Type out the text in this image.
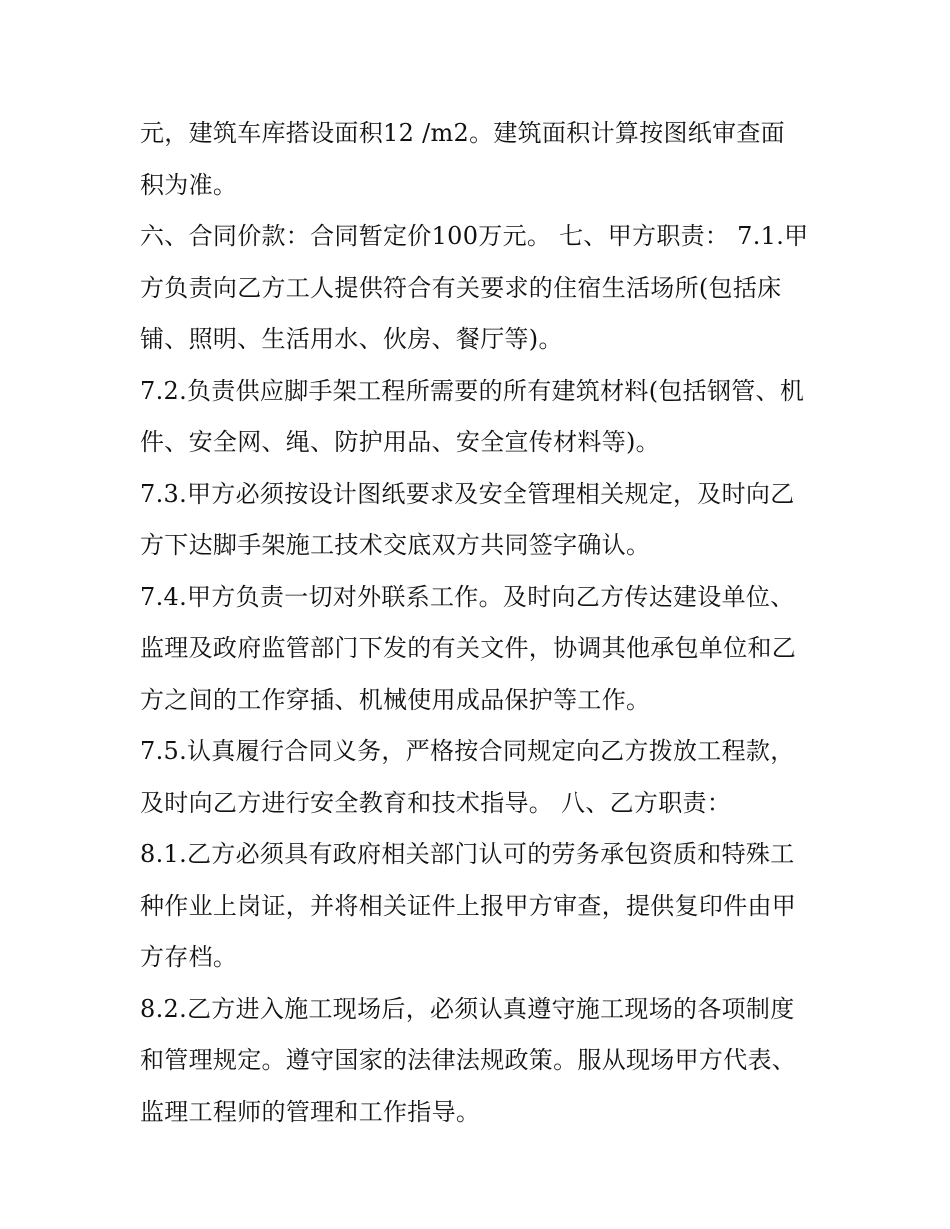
元，建筑车库搭设面积12 /m2。建筑面积计算按图纸审查面
积为准。
六、合同价款：合同暂定价100万元。 七、甲方职责： 7.1.甲
方负责向乙方工人提供符合有关要求的住宿生活场所(包括床
铺、照明、生活用水、伙房、餐厅等)。
7.2.负责供应脚手架工程所需要的所有建筑材料(包括钢管、机
件、安全网、绳、防护用品、安全宣传材料等)。
7.3.甲方必须按设计图纸要求及安全管理相关规定，及时向乙
方下达脚手架施工技术交底双方共同签字确认。
7.4.甲方负责一切对外联系工作。及时向乙方传达建设单位、
监理及政府监管部门下发的有关文件，协调其他承包单位和乙
方之间的工作穿插、机械使用成品保护等工作。
7.5.认真履行合同义务，严格按合同规定向乙方拨放工程款，
及时向乙方进行安全教育和技术指导。 八、乙方职责：
8.1.乙方必须具有政府相关部门认可的劳务承包资质和特殊工
种作业上岗证，并将相关证件上报甲方审查，提供复印件由甲
方存档。
8.2.乙方进入施工现场后，必须认真遵守施工现场的各项制度
和管理规定。遵守国家的法律法规政策。服从现场甲方代表、
监理工程师的管理和工作指导。
